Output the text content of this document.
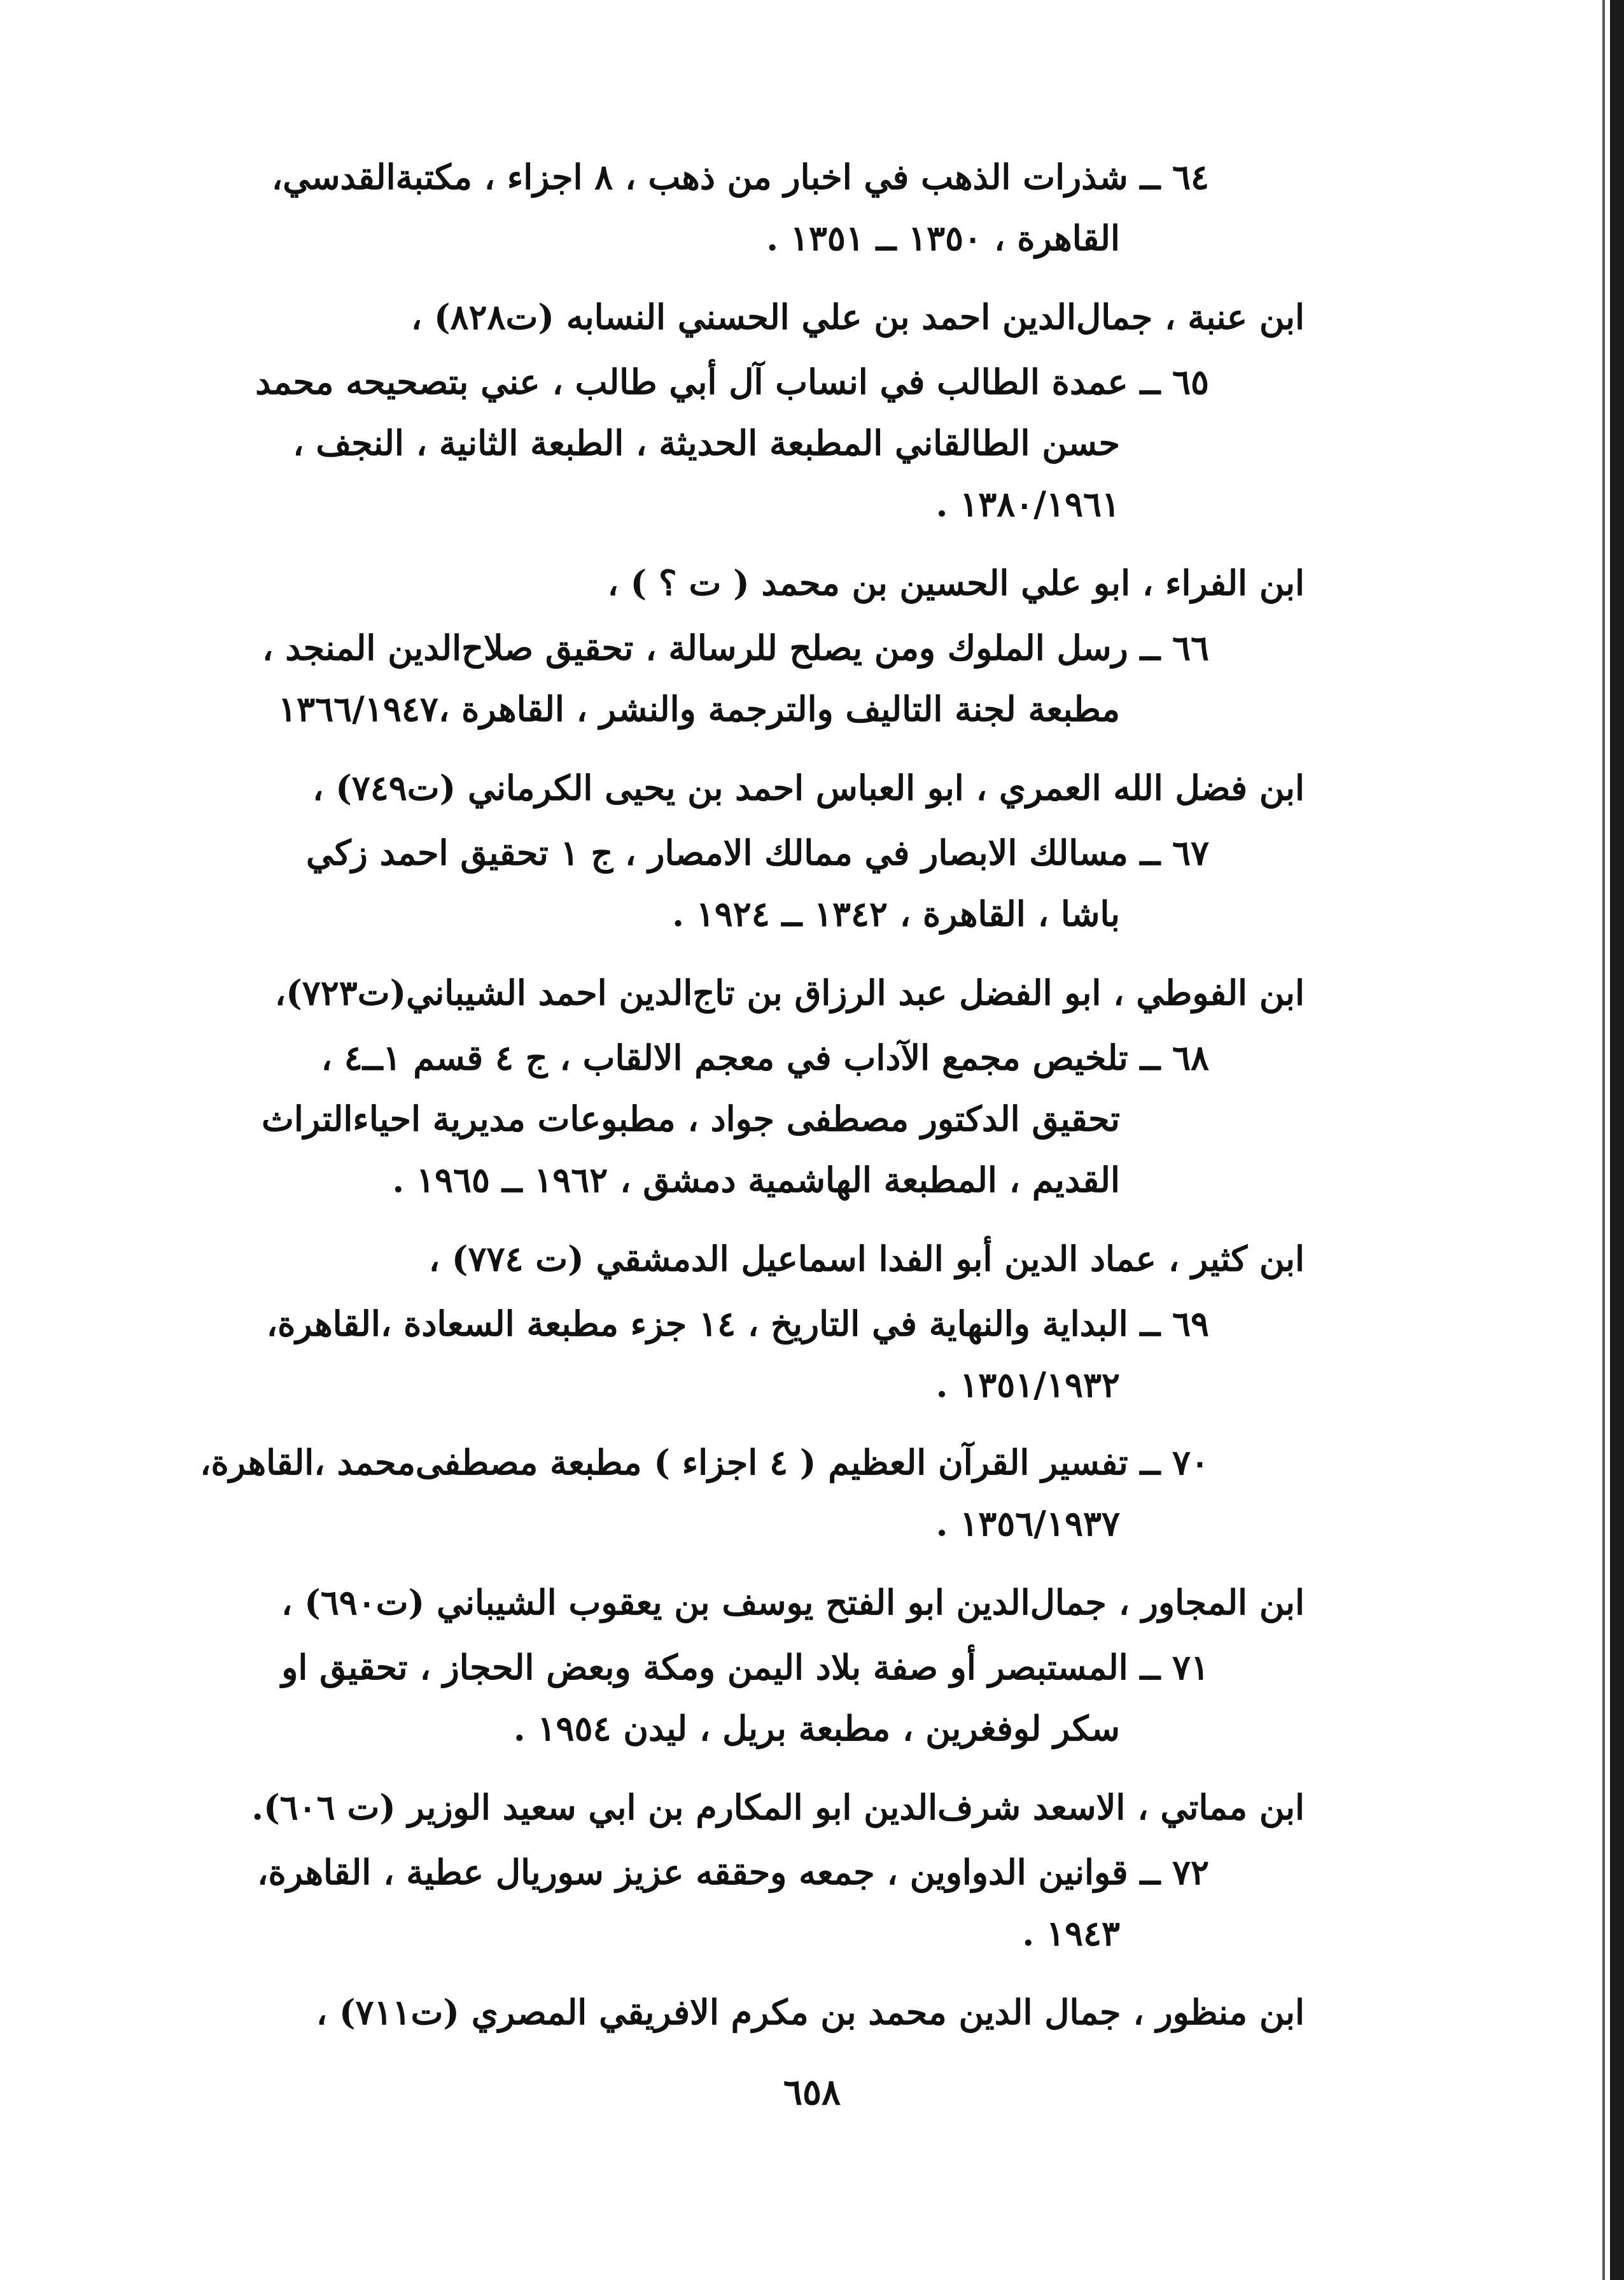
٦٤ ــ شذرات الذهب في اخبار من ذهب ، ٨ اجزاء ، مكتبةالقدسي،
القاهرة ، ١٣٥٠ ــ ١٣٥١ .
ابن عنبة ، جمال‌الدين احمد بن علي الحسني النسابه (ت٨٢٨) ،
٦٥ ــ عمدة الطالب في انساب آل أبي طالب ، عني بتصحيحه محمد
حسن الطالقاني المطبعة الحديثة ، الطبعة الثانية ، النجف ،
١٣٨٠/١٩٦١ .
ابن الفراء ، ابو علي الحسين بن محمد ( ت ؟ ) ،
٦٦ ــ رسل الملوك ومن يصلح للرسالة ، تحقيق صلاح‌الدين المنجد ،
مطبعة لجنة التاليف والترجمة والنشر ، القاهرة ،١٣٦٦/١٩٤٧
ابن فضل الله العمري ، ابو العباس احمد بن يحيى الكرماني (ت٧٤٩) ،
٦٧ ــ مسالك الابصار في ممالك الامصار ، ج ١ تحقيق احمد زكي
باشا ، القاهرة ، ١٣٤٢ ــ ١٩٢٤ .
ابن الفوطي ، ابو الفضل عبد الرزاق بن تاج‌الدين احمد الشيباني(ت٧٢٣)،
٦٨ ــ تلخيص مجمع الآداب في معجم الالقاب ، ج ٤ قسم ١ــ٤ ،
تحقيق الدكتور مصطفى جواد ، مطبوعات مديرية احياءالتراث
القديم ، المطبعة الهاشمية دمشق ، ١٩٦٢ ــ ١٩٦٥ .
ابن كثير ، عماد الدين أبو الفدا اسماعيل الدمشقي (ت ٧٧٤) ،
٦٩ ــ البداية والنهاية في التاريخ ، ١٤ جزء مطبعة السعادة ،القاهرة،
١٣٥١/١٩٣٢ .
٧٠ ــ تفسير القرآن العظيم ( ٤ اجزاء ) مطبعة مصطفى‌محمد ،القاهرة،
١٣٥٦/١٩٣٧ .
ابن المجاور ، جمال‌الدين ابو الفتح يوسف بن يعقوب الشيباني (ت٦٩٠) ،
٧١ ــ المستبصر أو صفة بلاد اليمن ومكة وبعض الحجاز ، تحقيق او
سكر لوفغرين ، مطبعة بريل ، ليدن ١٩٥٤ .
ابن مماتي ، الاسعد شرف‌الدين ابو المكارم بن ابي سعيد الوزير (ت ٦٠٦).
٧٢ ــ قوانين الدواوين ، جمعه وحققه عزيز سوريال عطية ، القاهرة،
١٩٤٣ .
ابن منظور ، جمال الدين محمد بن مكرم الافريقي المصري (ت٧١١) ،
٦٥٨
